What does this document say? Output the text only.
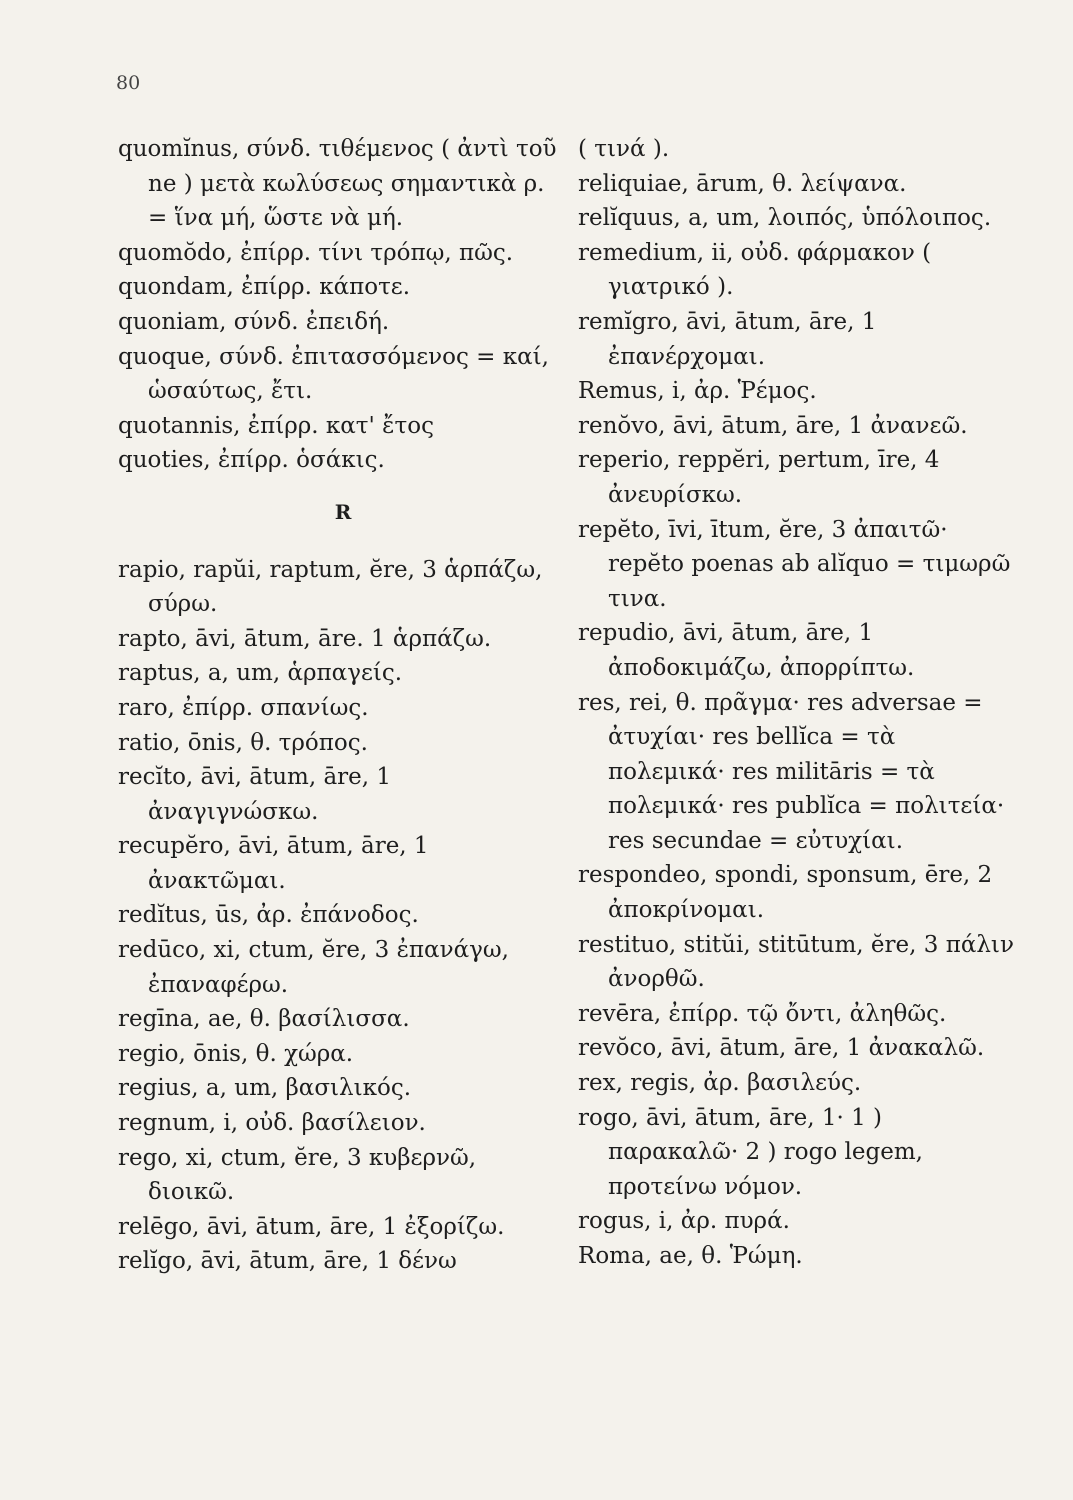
80

quomĭnus, σύνδ. τιθέμενος ( ἀντὶ τοῦ ne ) μετὰ κωλύσεως σημαντικὰ ρ. = ἵνα μή, ὥστε νὰ μή.

quomŏdo, ἐπίρρ. τίνι τρόπῳ, πῶς.

quondam, ἐπίρρ. κάποτε.

quoniam, σύνδ. ἐπειδή.

quoque, σύνδ. ἐπιτασσόμενος = καί, ὡσαύτως, ἔτι.

quotannis, ἐπίρρ. κατ' ἔτος

quoties, ἐπίρρ. ὁσάκις.

R

rapio, rapŭi, raptum, ĕre, 3 ἁρπάζω, σύρω.

rapto, āvi, ātum, āre. 1 ἁρπάζω.

raptus, a, um, ἁρπαγείς.

raro, ἐπίρρ. σπανίως.

ratio, ōnis, θ. τρόπος.

recĭto, āvi, ātum, āre, 1 ἀναγιγνώσκω.

recupĕro, āvi, ātum, āre, 1 ἀνακτῶμαι.

redĭtus, ūs, ἀρ. ἐπάνοδος.

redūco, xi, ctum, ĕre, 3 ἐπανάγω, ἐπαναφέρω.

regīna, ae, θ. βασίλισσα.

regio, ōnis, θ. χώρα.

regius, a, um, βασιλικός.

regnum, i, οὐδ. βασίλειον.

rego, xi, ctum, ĕre, 3 κυβερνῶ, διοικῶ.

relēgo, āvi, ātum, āre, 1 ἐξορίζω.

relĭgo, āvi, ātum, āre, 1 δένω

( τινά ).

reliquiae, ārum, θ. λείψανα.

relĭquus, a, um, λοιπός, ὑπόλοιπος.

remedium, ii, οὐδ. φάρμακον ( γιατρικό ).

remĭgro, āvi, ātum, āre, 1 ἐπανέρχομαι.

Remus, i, ἀρ. Ῥέμος.

renŏvo, āvi, ātum, āre, 1 ἀνανεῶ.

reperio, reppĕri, pertum, īre, 4 ἀνευρίσκω.

repĕto, īvi, ītum, ĕre, 3 ἀπαιτῶ· repĕto poenas ab alĭquo = τιμωρῶ τινα.

repudio, āvi, ātum, āre, 1 ἀποδοκιμάζω, ἀπορρίπτω.

res, rei, θ. πρᾶγμα· res adversae = ἀτυχίαι· res bellĭca = τὰ πολεμικά· res militāris = τὰ πολεμικά· res publĭca = πολιτεία· res secundae = εὐτυχίαι.

respondeo, spondi, sponsum, ēre, 2 ἀποκρίνομαι.

restituo, stitŭi, stitūtum, ĕre, 3 πάλιν ἀνορθῶ.

revēra, ἐπίρρ. τῷ ὄντι, ἀληθῶς.

revŏco, āvi, ātum, āre, 1 ἀνακαλῶ.

rex, regis, ἀρ. βασιλεύς.

rogo, āvi, ātum, āre, 1· 1 ) παρακαλῶ· 2 ) rogo legem, προτείνω νόμον.

rogus, i, ἀρ. πυρά.

Roma, ae, θ. Ῥώμη.
